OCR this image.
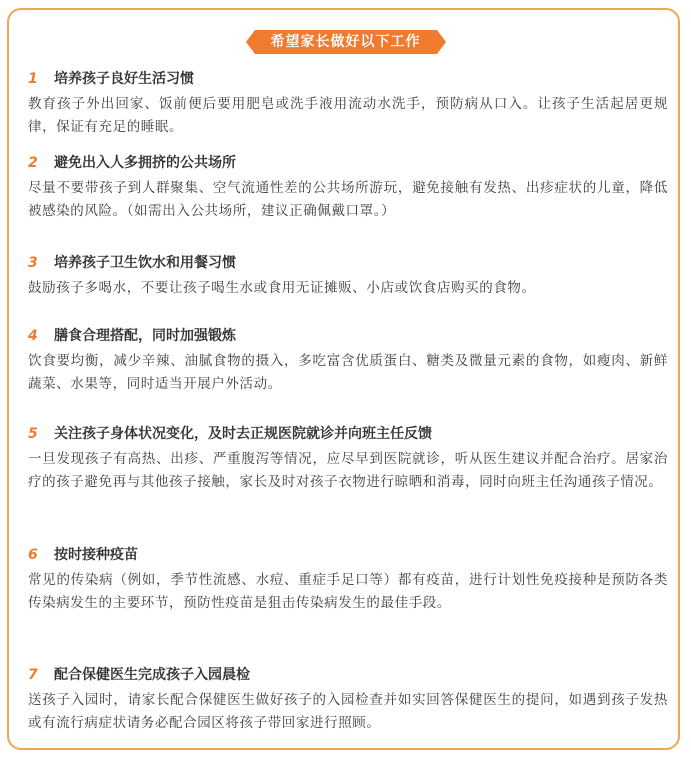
希望家长做好以下工作
1 培养孩子良好生活习惯
教育孩子外出回家、饭前便后要用肥皂或洗手液用流动水洗手，预防病从口入。让孩子生活起居更规律，保证有充足的睡眠。
2 避免出入人多拥挤的公共场所
尽量不要带孩子到人群聚集、空气流通性差的公共场所游玩，避免接触有发热、出疹症状的儿童，降低被感染的风险。（如需出入公共场所，建议正确佩戴口罩。）
3 培养孩子卫生饮水和用餐习惯
鼓励孩子多喝水，不要让孩子喝生水或食用无证摊贩、小店或饮食店购买的食物。
4 膳食合理搭配，同时加强锻炼
饮食要均衡，减少辛辣、油腻食物的摄入，多吃富含优质蛋白、糖类及微量元素的食物，如瘦肉、新鲜蔬菜、水果等，同时适当开展户外活动。
5 关注孩子身体状况变化，及时去正规医院就诊并向班主任反馈
一旦发现孩子有高热、出疹、严重腹泻等情况，应尽早到医院就诊，听从医生建议并配合治疗。居家治疗的孩子避免再与其他孩子接触，家长及时对孩子衣物进行晾晒和消毒，同时向班主任沟通孩子情况。
6 按时接种疫苗
常见的传染病（例如，季节性流感、水痘、重症手足口等）都有疫苗，进行计划性免疫接种是预防各类传染病发生的主要环节，预防性疫苗是狙击传染病发生的最佳手段。
7 配合保健医生完成孩子入园晨检
送孩子入园时，请家长配合保健医生做好孩子的入园检查并如实回答保健医生的提问，如遇到孩子发热或有流行病症状请务必配合园区将孩子带回家进行照顾。
